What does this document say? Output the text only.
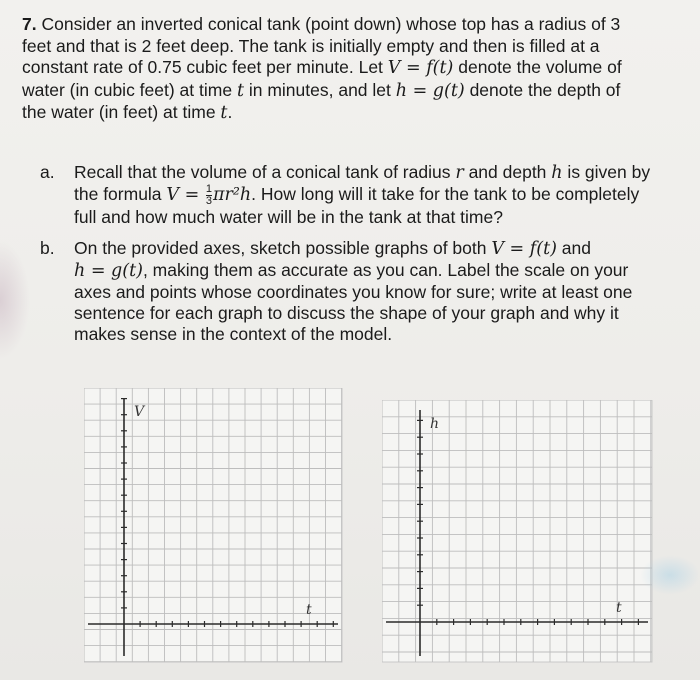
7. Consider an inverted conical tank (point down) whose top has a radius of 3
feet and that is 2 feet deep. The tank is initially empty and then is filled at a
constant rate of 0.75 cubic feet per minute. Let V = f(t) denote the volume of
water (in cubic feet) at time t in minutes, and let h = g(t) denote the depth of
the water (in feet) at time t.
a. Recall that the volume of a conical tank of radius r and depth h is given by
the formula $V = \frac{1}{3} \pi r^2h$. How long will it take for the tank to be completely
full and how much water will be in the tank at that time?
b. On the provided axes, sketch possible graphs of both V = f(t) and
h = g(t), making them as accurate as you can. Label the scale on your
axes and points whose coordinates you know for sure; write at least one
sentence for each graph to discuss the shape of your graph and why it
makes sense in the context of the model.
V
t
h
t
